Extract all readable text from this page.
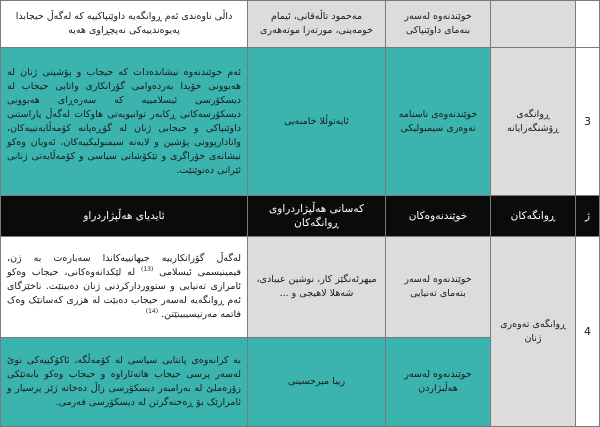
خوێندنەوە لەسەر بنەمای داوێنپاکی
مەحمود تاڵەقانی، ئیمام خومەینی، مورتەزا موتەهەری
داڵی ناوەندی ئەم ڕوانگەیە داوێنپاکییە کە لەگەڵ حیجابدا پەیوەندییەکی نەپچڕاوی هەیە
3
ڕوانگەی ڕۆشنگەرایانە
خوێندنەوەی ناسنامە تەوەری سیمبولیکی
ئایەتوڵلا خامنەیی
ئەم خوێندنەوە نیشاندەدات کە حیجاب و پۆشینی ژنان لە هەبوونی خۆیدا بەردەوامی گۆرانکاری واتایی حیجاب لە دیسکۆرسی ئیسلامییە کە سەرەڕای هەبوونی دیسکۆرسەکانی ڕکابەر توانیویەتی هاوکات لەگەڵ پاراستنی داوێنپاکی و حیجابی ژنان لە گۆڕەپانە کۆمەڵایەتییەکان، واتادارپوونی پۆشین و لایەنە سیمبولیکییەکان، ئەویان وەکو نیشانەی خۆراگری و تێکۆشانی سیاسی و کۆمەڵایەتی ژنانی ئێرانی دەنوێنێت.
ژ
ڕوانگەکان
خوێندنەوەکان
کەسانی هەڵپژاردراوی ڕوانگەکان
ئایدیای هەڵپژاردراو
4
ڕوانگەی تەوەری ژنان
خوێندنەوە لەسەر بنەمای تەنیایی
میهرئەنگێز کار، نوشین عیبادی، شەهلا لاهیجی و ...
لەگەڵ گۆرانکارییە جیهانییەکاندا سەبارەت بە ژن، فیمینیسمی ئیسلامی $^{(13)}$ لە لێکدانەوەکانی، حیجاب وەکو ئامرازی تەنیایی و سنووردارکردنی ژنان دەبینێت. ناخێزگای ئەم ڕوانگەیە لەسەر حیجاب دەبێت لە هزری کەسانێک وەک فاتمە مەرنیسیبینێتن. $^{(14)}$
خوێندنەوە لەسەر هەڵبژاردن
زیبا میرحسینی
بە کرانەوەی پانتایی سیاسی لە کۆمەڵگە، ئاکۆکییەکی نوێ لەسەر پرسی حیجاب هاتەئاراوە و حیجاب وەکو بابەتێکی زۆرەملێ لە بەرامبەر دیسکۆرسی زاڵ دەخاتە ژێر پرسیار و ئامرازێک بۆ ڕەخنەگرتن لە دیسکۆرسی فەرمی.
